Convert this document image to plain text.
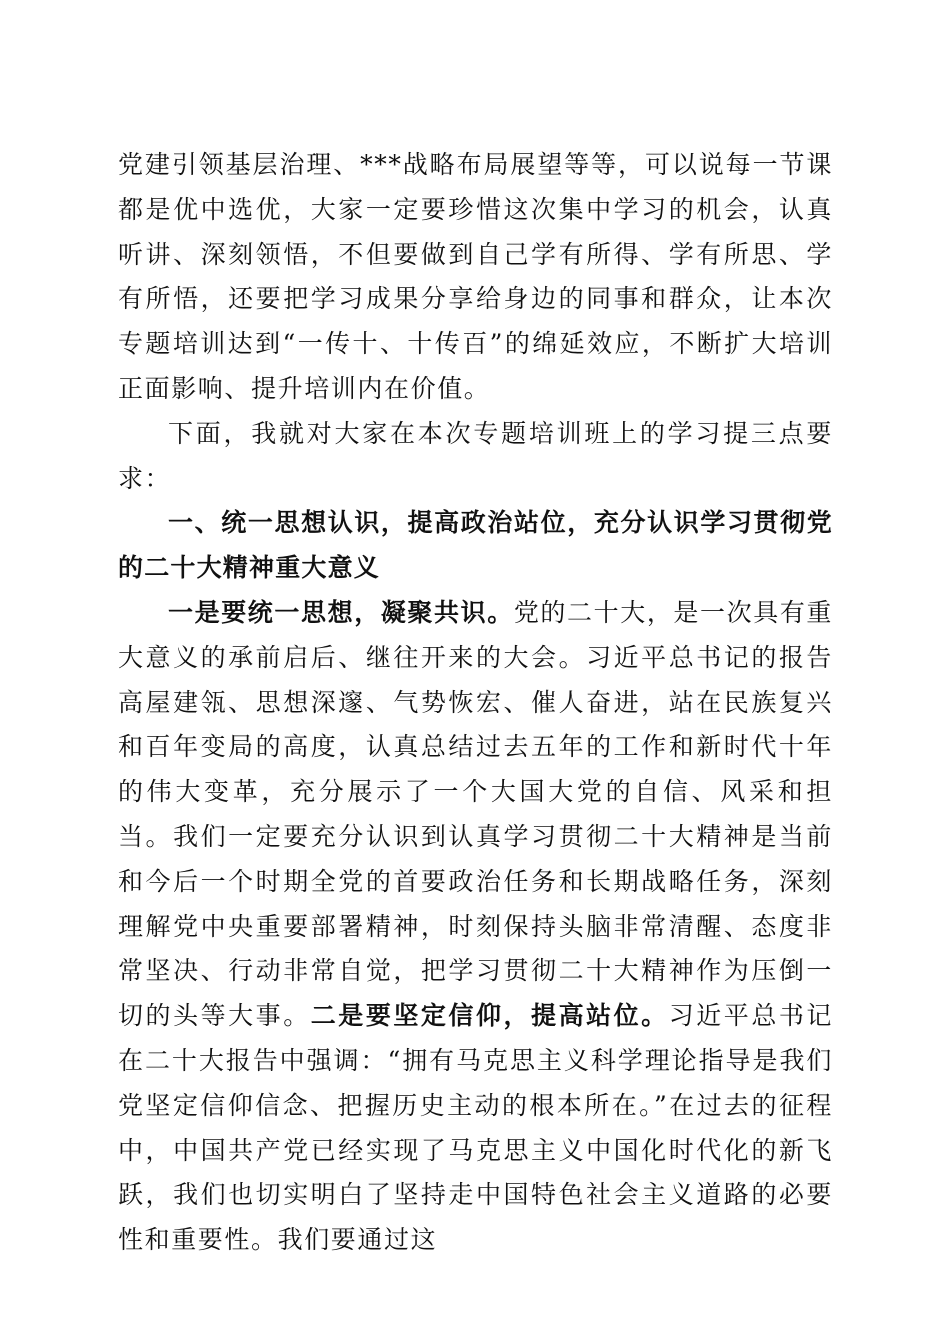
党建引领基层治理、***战略布局展望等等，可以说每一节课都是优中选优，大家一定要珍惜这次集中学习的机会，认真听讲、深刻领悟，不但要做到自己学有所得、学有所思、学有所悟，还要把学习成果分享给身边的同事和群众，让本次专题培训达到“一传十、十传百”的绵延效应，不断扩大培训正面影响、提升培训内在价值。

下面，我就对大家在本次专题培训班上的学习提三点要求：

一、统一思想认识，提高政治站位，充分认识学习贯彻党的二十大精神重大意义

一是要统一思想，凝聚共识。党的二十大，是一次具有重大意义的承前启后、继往开来的大会。习近平总书记的报告高屋建瓴、思想深邃、气势恢宏、催人奋进，站在民族复兴和百年变局的高度，认真总结过去五年的工作和新时代十年的伟大变革，充分展示了一个大国大党的自信、风采和担当。我们一定要充分认识到认真学习贯彻二十大精神是当前和今后一个时期全党的首要政治任务和长期战略任务，深刻理解党中央重要部署精神，时刻保持头脑非常清醒、态度非常坚决、行动非常自觉，把学习贯彻二十大精神作为压倒一切的头等大事。二是要坚定信仰，提高站位。习近平总书记在二十大报告中强调：“拥有马克思主义科学理论指导是我们党坚定信仰信念、把握历史主动的根本所在。”在过去的征程中，中国共产党已经实现了马克思主义中国化时代化的新飞跃，我们也切实明白了坚持走中国特色社会主义道路的必要性和重要性。我们要通过这
